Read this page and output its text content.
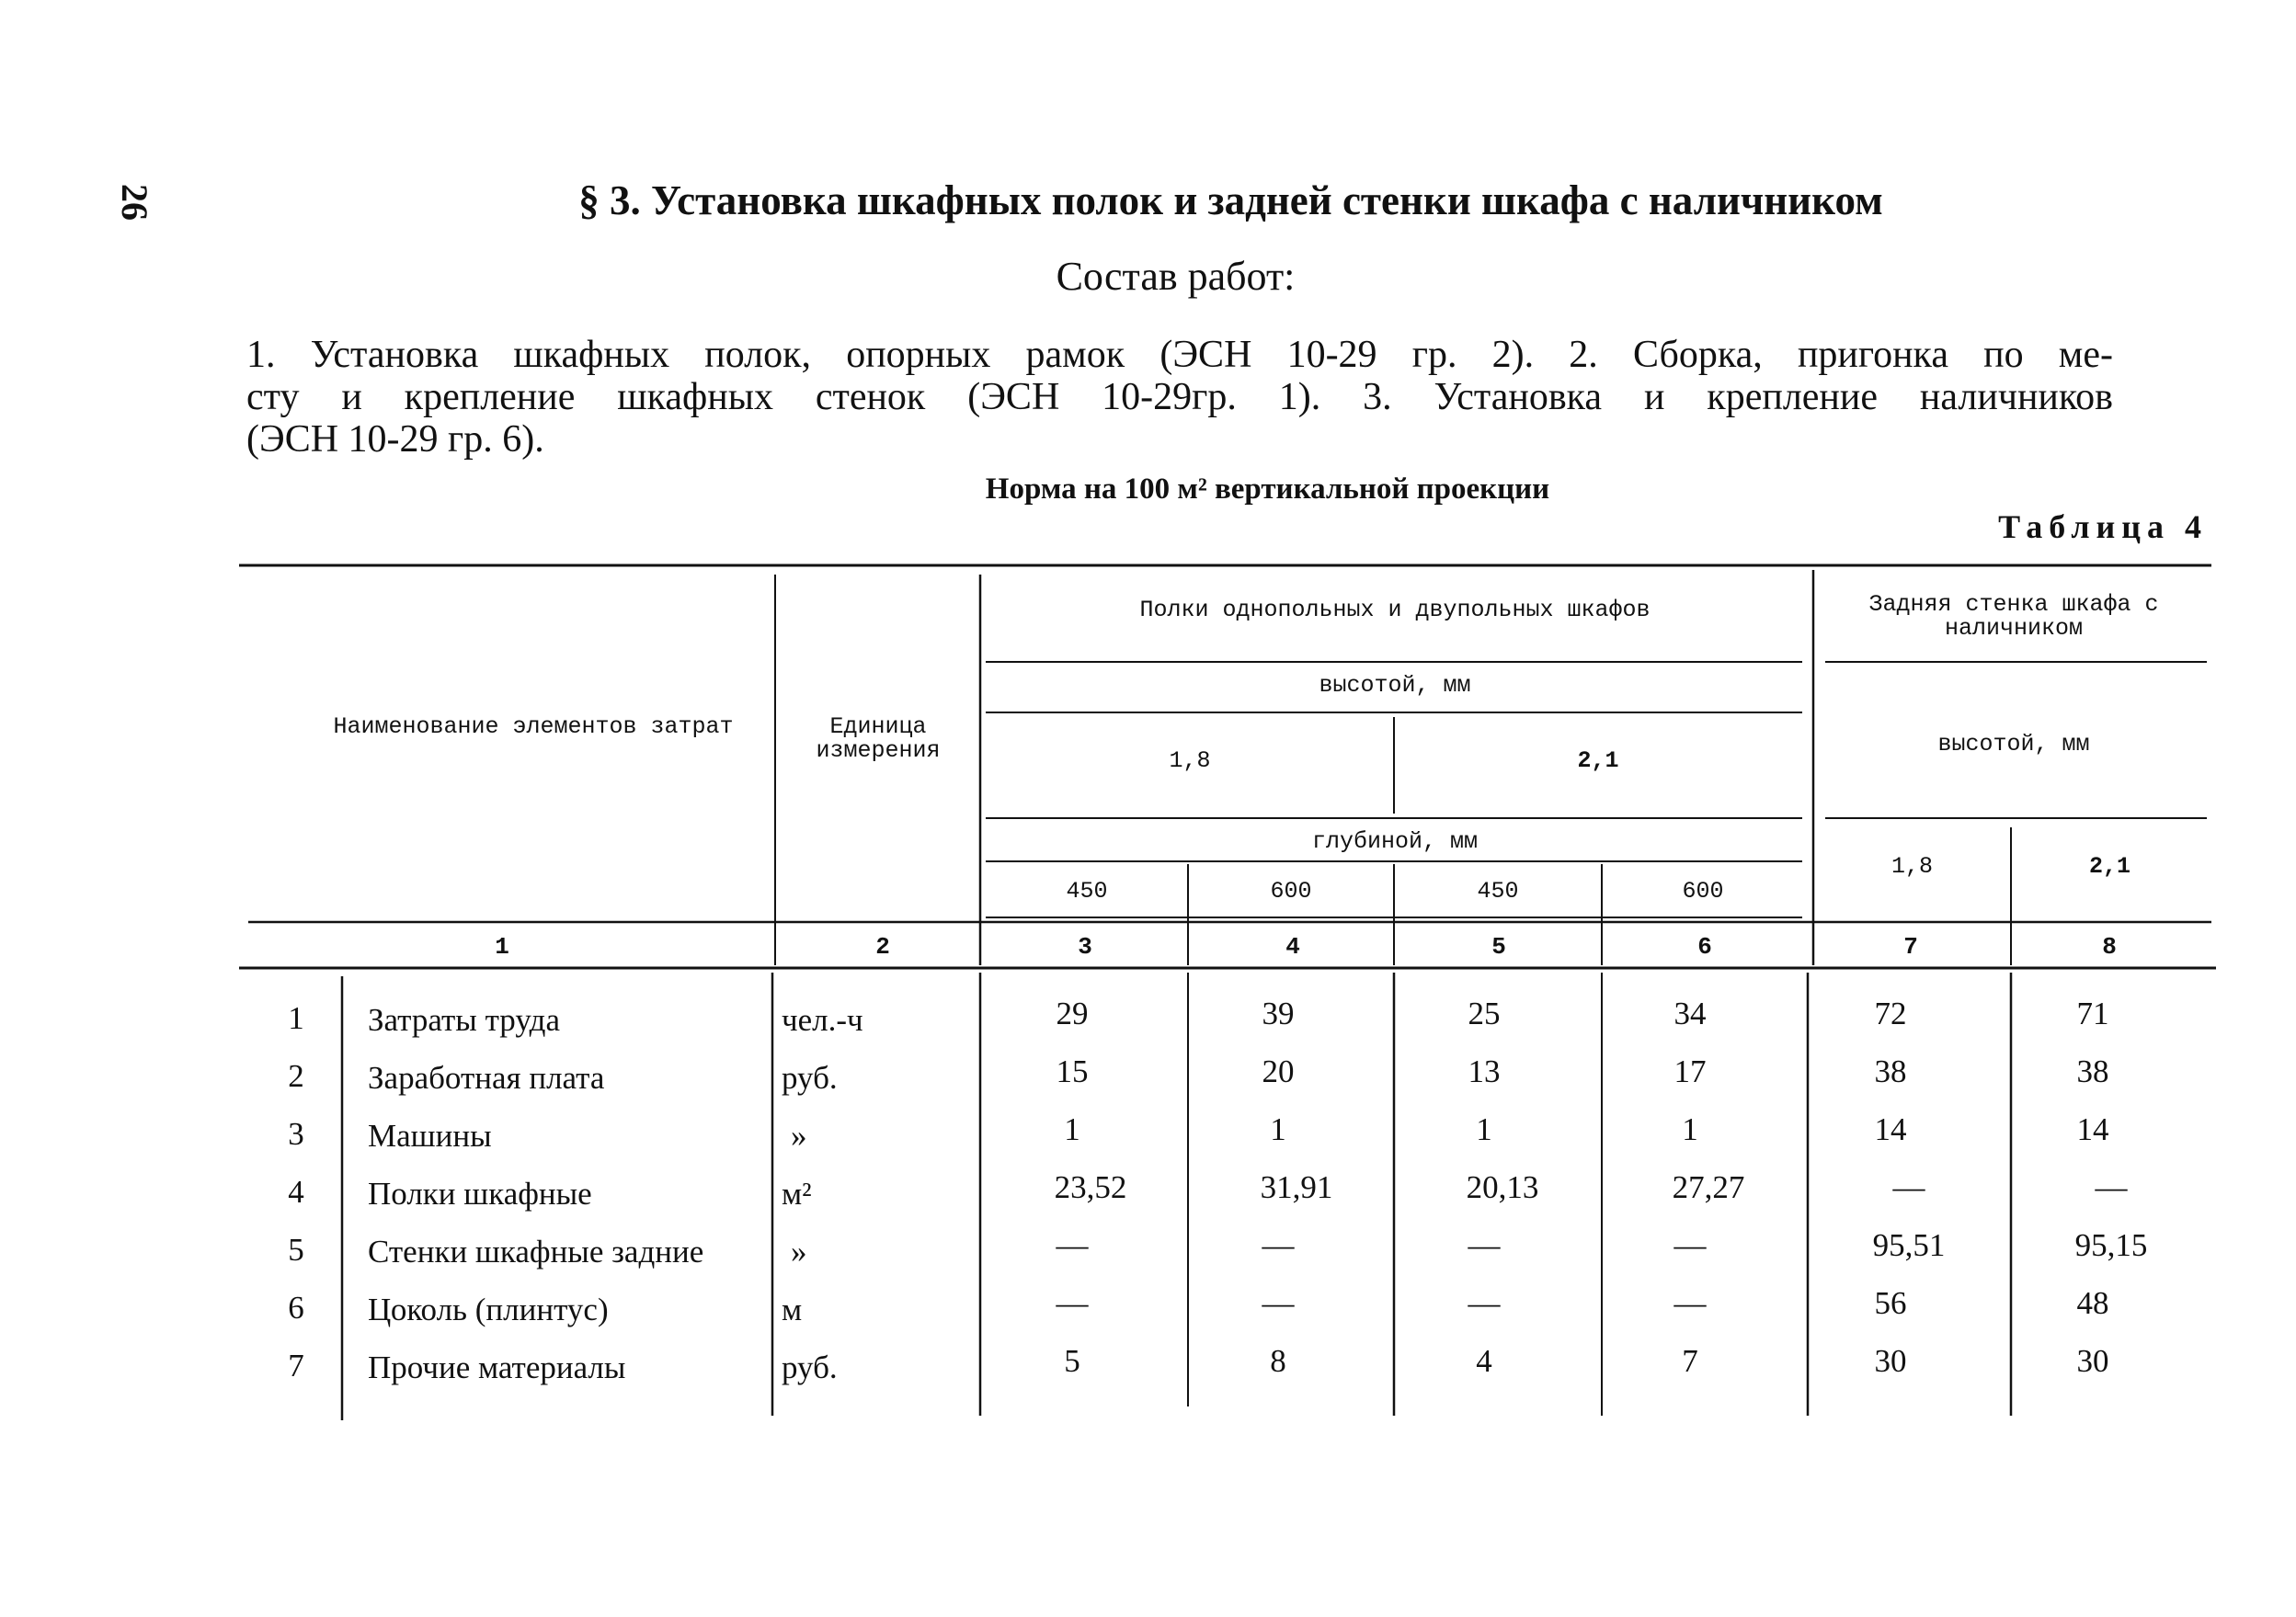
26	§ 3. Установка шкафных полок и задней стенки шкафа с наличником
Состав работ:
1. Установка шкафных полок, опорных рамок (ЭСН 10-29 гр. 2). 2. Сборка, пригонка по ме-
сту и крепление шкафных стенок (ЭСН 10-29гр. 1). 3. Установка и крепление наличников
(ЭСН 10-29 гр. 6).
Норма на 100 м² вертикальной проекции
Таблица 4
Наименование элементов затрат	Единица измерения
Полки однопольных и двупольных шкафов	Задняя стенка шкафа с наличником
высотой, мм
1,8	2,1
высотой, мм
глубиной, мм
450	600	450	600
1,8	2,1
1	2	3	4	5	6	7	8
1	Затраты труда	чел.-ч	29	39	25	34	72	71
2	Заработная плата	руб.	15	20	13	17	38	38
3	Машины	»	1	1	1	1	14	14
4	Полки шкафные	м²	23,52	31,91	20,13	27,27	—	—
5	Стенки шкафные задние	»	—	—	—	—	95,51	95,15
6	Цоколь (плинтус)	м	—	—	—	—	56	48
7	Прочие материалы	руб.	5	8	4	7	30	30
